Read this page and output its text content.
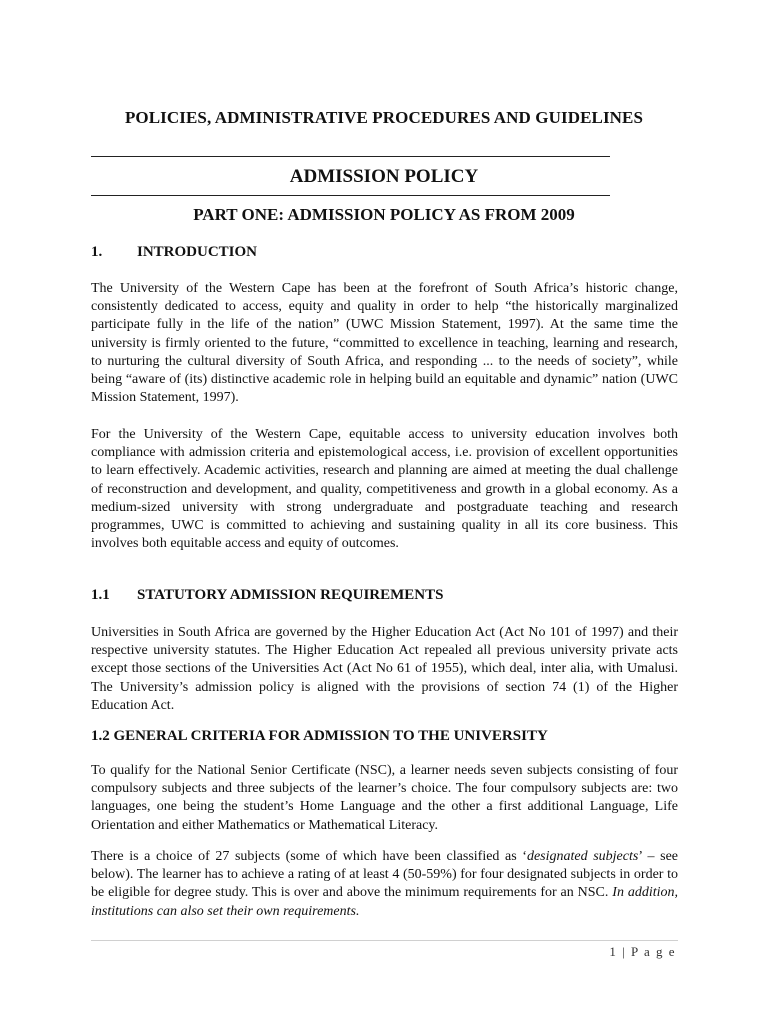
POLICIES, ADMINISTRATIVE PROCEDURES AND GUIDELINES
ADMISSION POLICY
PART ONE: ADMISSION POLICY AS FROM 2009
1. INTRODUCTION
The University of the Western Cape has been at the forefront of South Africa’s historic change, consistently dedicated to access, equity and quality in order to help “the historically marginalized participate fully in the life of the nation” (UWC Mission Statement, 1997). At the same time the university is firmly oriented to the future, “committed to excellence in teaching, learning and research, to nurturing the cultural diversity of South Africa, and responding ... to the needs of society”, while being “aware of (its) distinctive academic role in helping build an equitable and dynamic” nation (UWC Mission Statement, 1997).
For the University of the Western Cape, equitable access to university education involves both compliance with admission criteria and epistemological access, i.e. provision of excellent opportunities to learn effectively. Academic activities, research and planning are aimed at meeting the dual challenge of reconstruction and development, and quality, competitiveness and growth in a global economy. As a medium-sized university with strong undergraduate and postgraduate teaching and research programmes, UWC is committed to achieving and sustaining quality in all its core business. This involves both equitable access and equity of outcomes.
1.1 STATUTORY ADMISSION REQUIREMENTS
Universities in South Africa are governed by the Higher Education Act (Act No 101 of 1997) and their respective university statutes. The Higher Education Act repealed all previous university private acts except those sections of the Universities Act (Act No 61 of 1955), which deal, inter alia, with Umalusi. The University’s admission policy is aligned with the provisions of section 74 (1) of the Higher Education Act.
1.2 GENERAL CRITERIA FOR ADMISSION TO THE UNIVERSITY
To qualify for the National Senior Certificate (NSC), a learner needs seven subjects consisting of four compulsory subjects and three subjects of the learner’s choice. The four compulsory subjects are: two languages, one being the student’s Home Language and the other a first additional Language, Life Orientation and either Mathematics or Mathematical Literacy.
There is a choice of 27 subjects (some of which have been classified as ‘designated subjects’ – see below). The learner has to achieve a rating of at least 4 (50-59%) for four designated subjects in order to be eligible for degree study. This is over and above the minimum requirements for an NSC. In addition, institutions can also set their own requirements.
1 | P a g e
